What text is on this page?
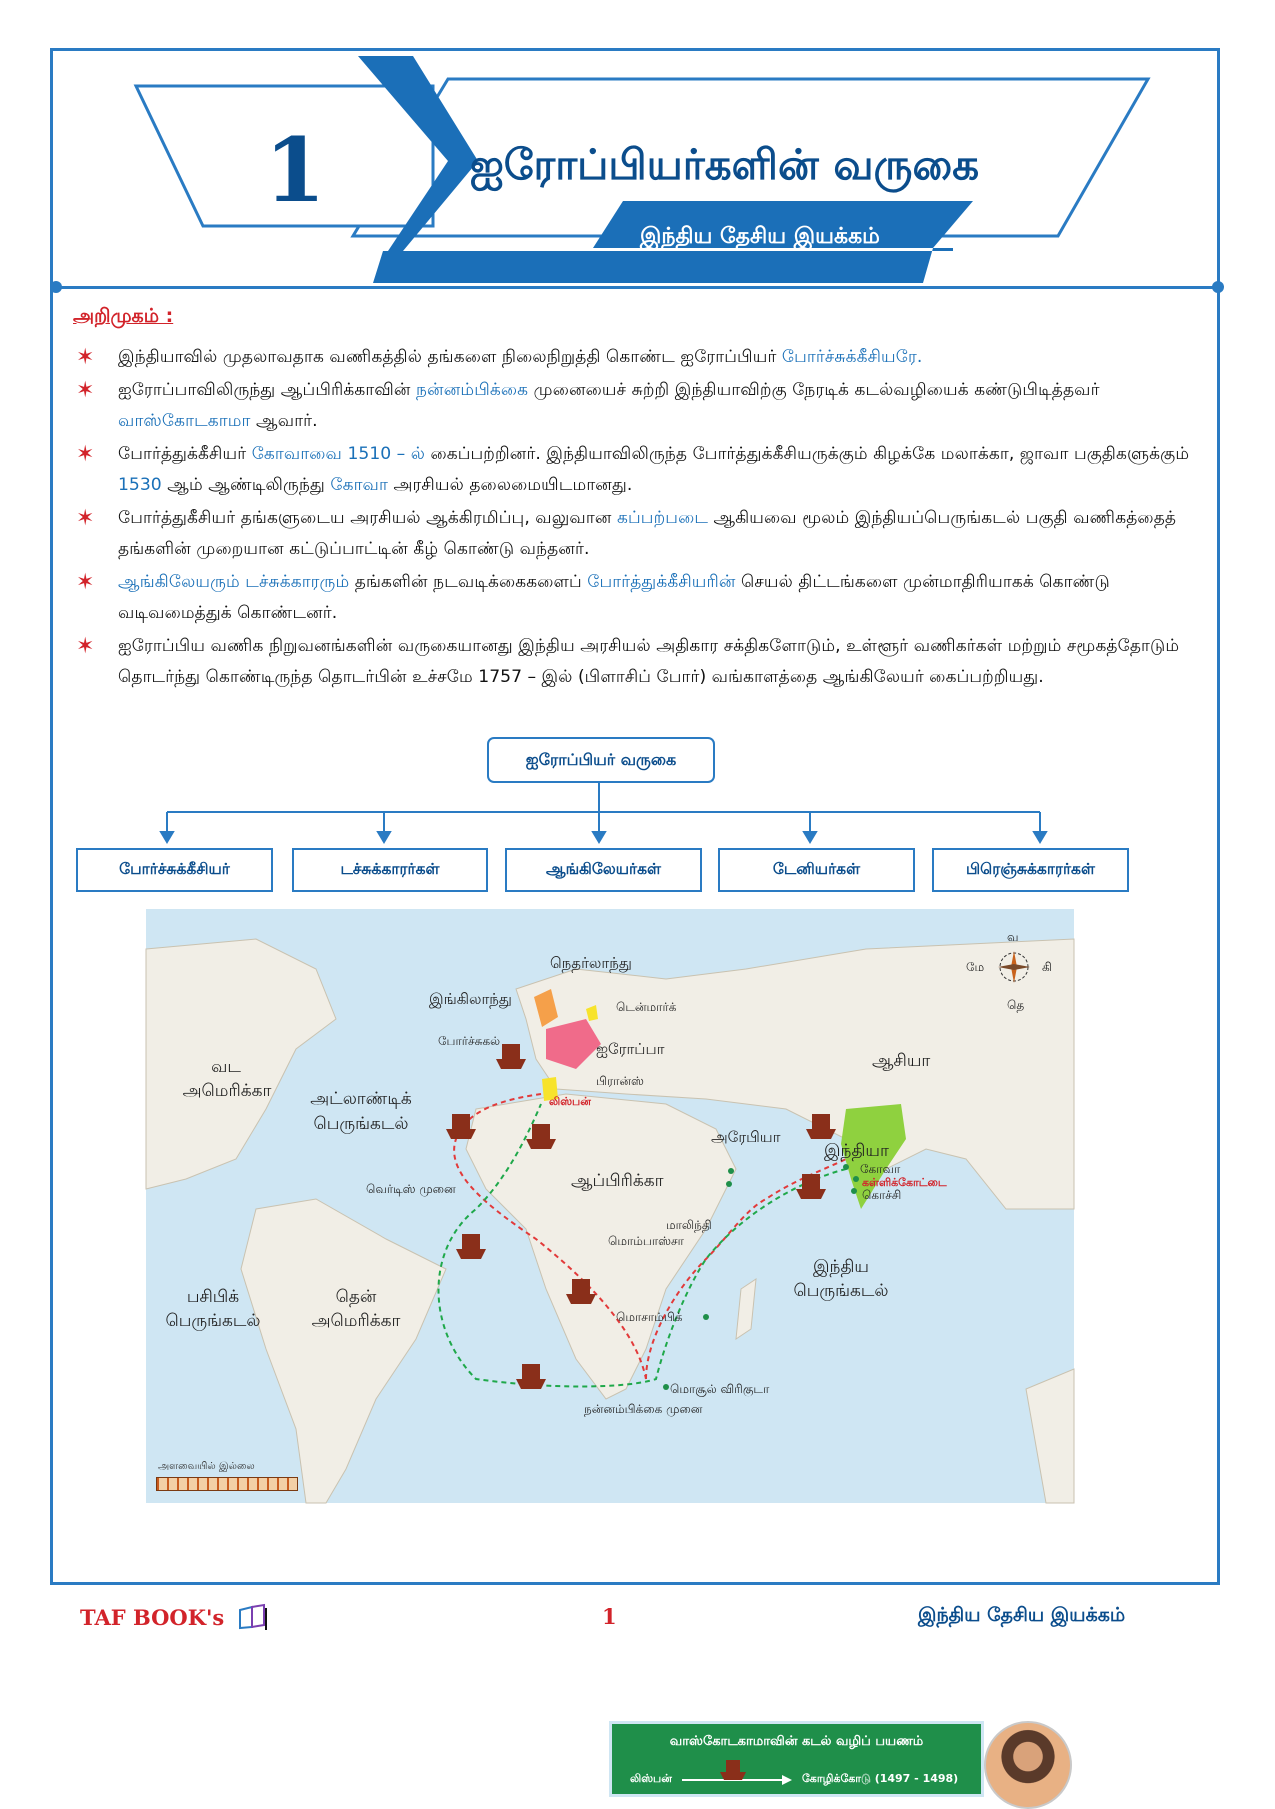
1	ஐரோப்பியர்களின் வருகை
இந்திய தேசிய இயக்கம்
அறிமுகம் :
✶ இந்தியாவில் முதலாவதாக வணிகத்தில் தங்களை நிலைநிறுத்தி கொண்ட ஐரோப்பியர் போர்ச்சுக்கீசியரே.
✶ ஐரோப்பாவிலிருந்து ஆப்பிரிக்காவின் நன்னம்பிக்கை முனையைச் சுற்றி இந்தியாவிற்கு நேரடிக் கடல்வழியைக் கண்டுபிடித்தவர் வாஸ்கோடகாமா ஆவார்.
✶ போர்த்துக்கீசியர் கோவாவை 1510 – ல் கைப்பற்றினர். இந்தியாவிலிருந்த போர்த்துக்கீசியருக்கும் கிழக்கே மலாக்கா, ஜாவா பகுதிகளுக்கும் 1530 ஆம் ஆண்டிலிருந்து கோவா அரசியல் தலைமையிடமானது.
✶ போர்த்துகீசியர் தங்களுடைய அரசியல் ஆக்கிரமிப்பு, வலுவான கப்பற்படை ஆகியவை மூலம் இந்தியப்பெருங்கடல் பகுதி வணிகத்தைத் தங்களின் முறையான கட்டுப்பாட்டின் கீழ் கொண்டு வந்தனர்.
✶ ஆங்கிலேயரும் டச்சுக்காரரும் தங்களின் நடவடிக்கைகளைப் போர்த்துக்கீசியரின் செயல் திட்டங்களை முன்மாதிரியாகக் கொண்டு வடிவமைத்துக் கொண்டனர்.
✶ ஐரோப்பிய வணிக நிறுவனங்களின் வருகையானது இந்திய அரசியல் அதிகார சக்திகளோடும், உள்ளூர் வணிகர்கள் மற்றும் சமூகத்தோடும் தொடர்ந்து கொண்டிருந்த தொடர்பின் உச்சமே 1757 – இல் (பிளாசிப் போர்) வங்காளத்தை ஆங்கிலேயர் கைப்பற்றியது.
ஐரோப்பியர் வருகை
போர்ச்சுக்கீசியர்	டச்சுக்காரர்கள்	ஆங்கிலேயர்கள்	டேனியர்கள்	பிரெஞ்சுக்காரர்கள்
வ
தெ
மே	கி
நெதர்லாந்து
இங்கிலாந்து	டென்மார்க்
போர்ச்சுகல்	ஐரோப்பா
பிரான்ஸ்
லிஸ்பன்
ஆசியா
வட
அமெரிக்கா	அட்லாண்டிக்
பெருங்கடல்
வெர்டிஸ் முனை
அரேபியா
இந்தியா
கோவா
கள்ளிக்கோட்டை
கொச்சி
ஆப்பிரிக்கா
மாலிந்தி
மொம்பாஸ்சா
மொசாம்பிக்
இந்திய
பெருங்கடல்
பசிபிக்
பெருங்கடல்
தென்
அமெரிக்கா
மொசூல் விரிகுடா
நன்னம்பிக்கை முனை
வாஸ்கோடகாமாவின் கடல் வழிப் பயணம்
லிஸ்பன்	கோழிக்கோடு (1497 - 1498)
அளவையில் இல்லை
TAF BOOK's	1	இந்திய தேசிய இயக்கம்
